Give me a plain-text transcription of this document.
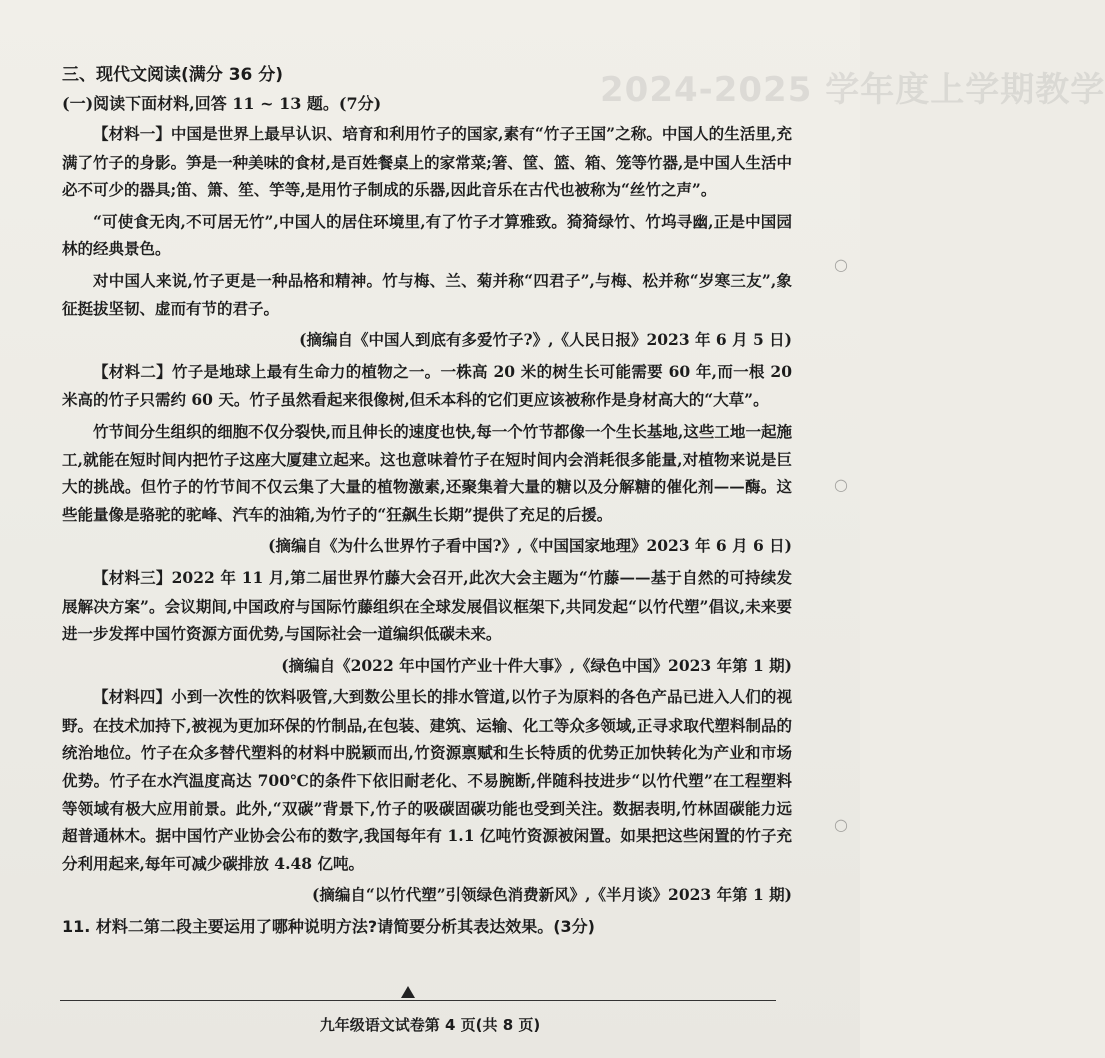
2024-2025 学年度上学期教学
○
○
○
三、现代文阅读(满分 36 分)
(一)阅读下面材料,回答 11 ~ 13 题。(7分)

【材料一】中国是世界上最早认识、培育和利用竹子的国家,素有“竹子王国”之称。中国人的生活里,充满了竹子的身影。笋是一种美味的食材,是百姓餐桌上的家常菜;箸、筐、篮、箱、笼等竹器,是中国人生活中必不可少的器具;笛、箫、笙、竽等,是用竹子制成的乐器,因此音乐在古代也被称为“丝竹之声”。

“可使食无肉,不可居无竹”,中国人的居住环境里,有了竹子才算雅致。猗猗绿竹、竹坞寻幽,正是中国园林的经典景色。

对中国人来说,竹子更是一种品格和精神。竹与梅、兰、菊并称“四君子”,与梅、松并称“岁寒三友”,象征挺拔坚韧、虚而有节的君子。

(摘编自《中国人到底有多爱竹子?》,《人民日报》2023 年 6 月 5 日)

【材料二】竹子是地球上最有生命力的植物之一。一株高 20 米的树生长可能需要 60 年,而一根 20 米高的竹子只需约 60 天。竹子虽然看起来很像树,但禾本科的它们更应该被称作是身材高大的“大草”。

竹节间分生组织的细胞不仅分裂快,而且伸长的速度也快,每一个竹节都像一个生长基地,这些工地一起施工,就能在短时间内把竹子这座大厦建立起来。这也意味着竹子在短时间内会消耗很多能量,对植物来说是巨大的挑战。但竹子的竹节间不仅云集了大量的植物激素,还聚集着大量的糖以及分解糖的催化剂——酶。这些能量像是骆驼的驼峰、汽车的油箱,为竹子的“狂飙生长期”提供了充足的后援。

(摘编自《为什么世界竹子看中国?》,《中国国家地理》2023 年 6 月 6 日)

【材料三】2022 年 11 月,第二届世界竹藤大会召开,此次大会主题为“竹藤——基于自然的可持续发展解决方案”。会议期间,中国政府与国际竹藤组织在全球发展倡议框架下,共同发起“以竹代塑”倡议,未来要进一步发挥中国竹资源方面优势,与国际社会一道编织低碳未来。

(摘编自《2022 年中国竹产业十件大事》,《绿色中国》2023 年第 1 期)

【材料四】小到一次性的饮料吸管,大到数公里长的排水管道,以竹子为原料的各色产品已进入人们的视野。在技术加持下,被视为更加环保的竹制品,在包装、建筑、运输、化工等众多领域,正寻求取代塑料制品的统治地位。竹子在众多替代塑料的材料中脱颖而出,竹资源禀赋和生长特质的优势正加快转化为产业和市场优势。竹子在水汽温度高达 700℃的条件下依旧耐老化、不易腕断,伴随科技进步“以竹代塑”在工程塑料等领域有极大应用前景。此外,“双碳”背景下,竹子的吸碳固碳功能也受到关注。数据表明,竹林固碳能力远超普通林木。据中国竹产业协会公布的数字,我国每年有 1.1 亿吨竹资源被闲置。如果把这些闲置的竹子充分利用起来,每年可减少碳排放 4.48 亿吨。

(摘编自“以竹代塑”引领绿色消费新风》,《半月谈》2023 年第 1 期)
11. 材料二第二段主要运用了哪种说明方法?请简要分析其表达效果。(3分)
九年级语文试卷第 4 页(共 8 页)
